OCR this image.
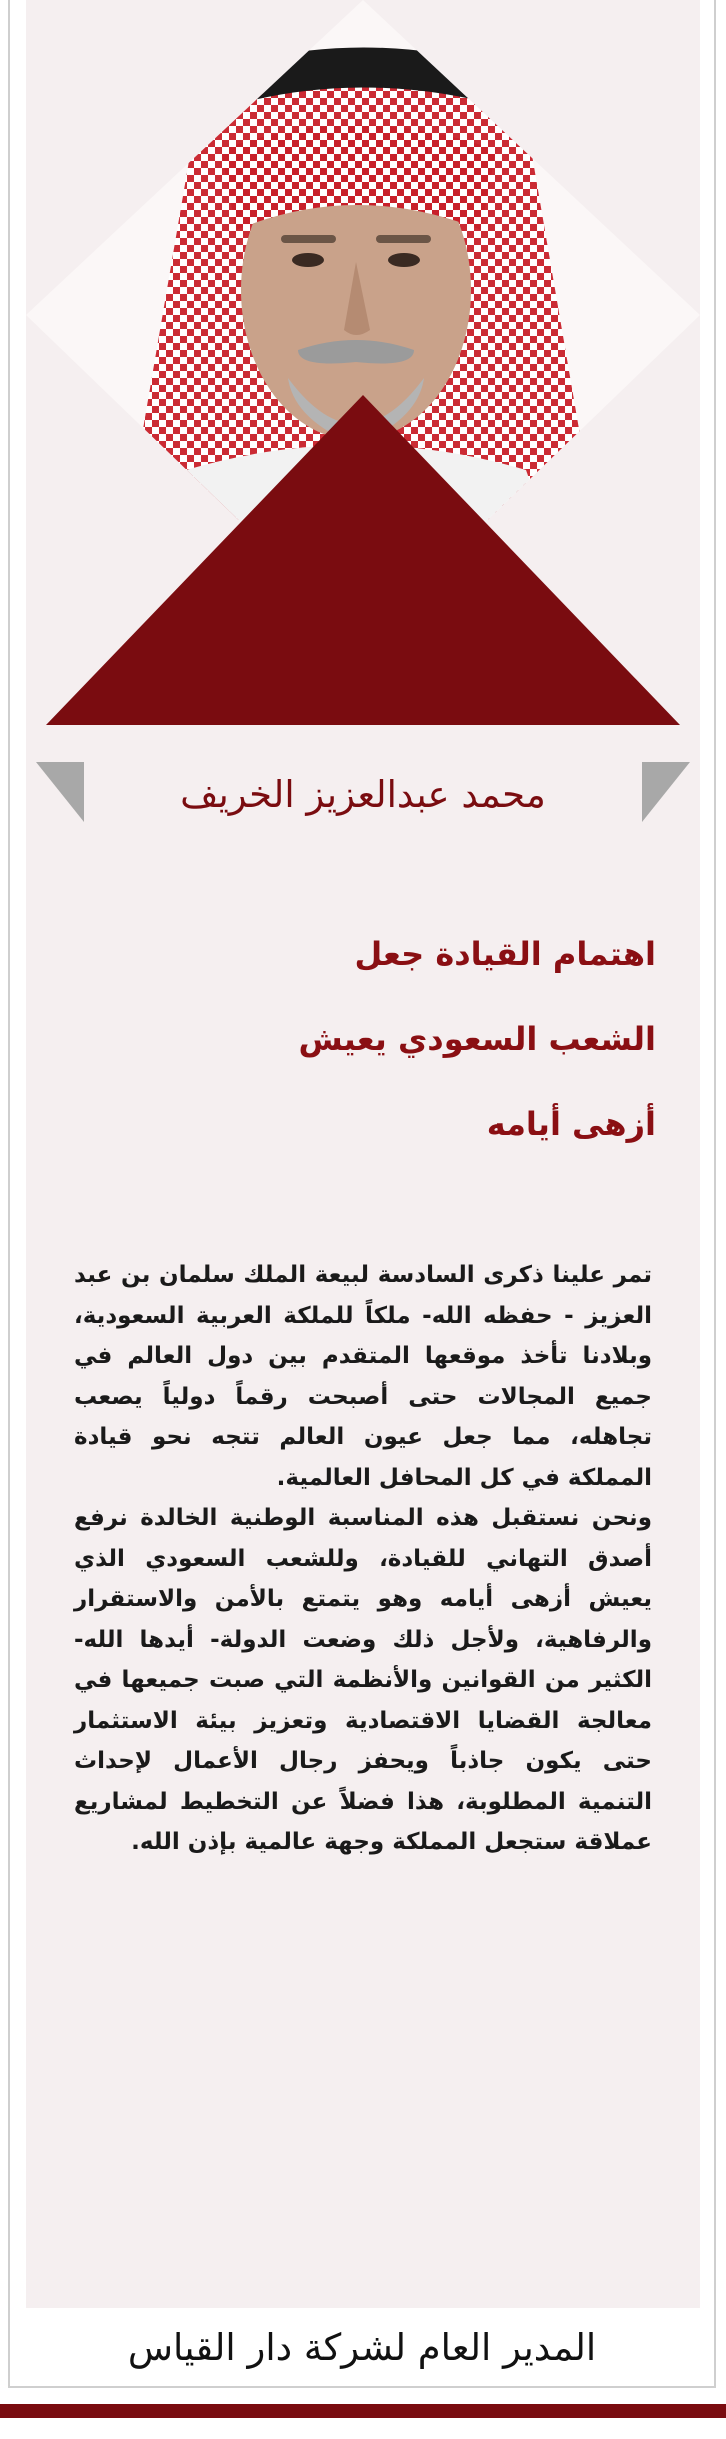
محمد عبدالعزيز الخريف
اهتمام القيادة جعل
الشعب السعودي يعيش
أزهى أيامه

تمر علينا ذكرى السادسة لبيعة الملك سلمان بن عبد العزيز - حفظه الله- ملكاً للملكة العربية السعودية، وبلادنا تأخذ موقعها المتقدم بين دول العالم في جميع المجالات حتى أصبحت رقماً دولياً يصعب تجاهله، مما جعل عيون العالم تتجه نحو قيادة المملكة في كل المحافل العالمية.

ونحن نستقبل هذه المناسبة الوطنية الخالدة نرفع أصدق التهاني للقيادة، وللشعب السعودي الذي يعيش أزهى أيامه وهو يتمتع بالأمن والاستقرار والرفاهية، ولأجل ذلك وضعت الدولة- أيدها الله- الكثير من القوانين والأنظمة التي صبت جميعها في معالجة القضايا الاقتصادية وتعزيز بيئة الاستثمار حتى يكون جاذباً ويحفز رجال الأعمال لإحداث التنمية المطلوبة، هذا فضلاً عن التخطيط لمشاريع عملاقة ستجعل المملكة وجهة عالمية بإذن الله.

المدير العام لشركة دار القياس
